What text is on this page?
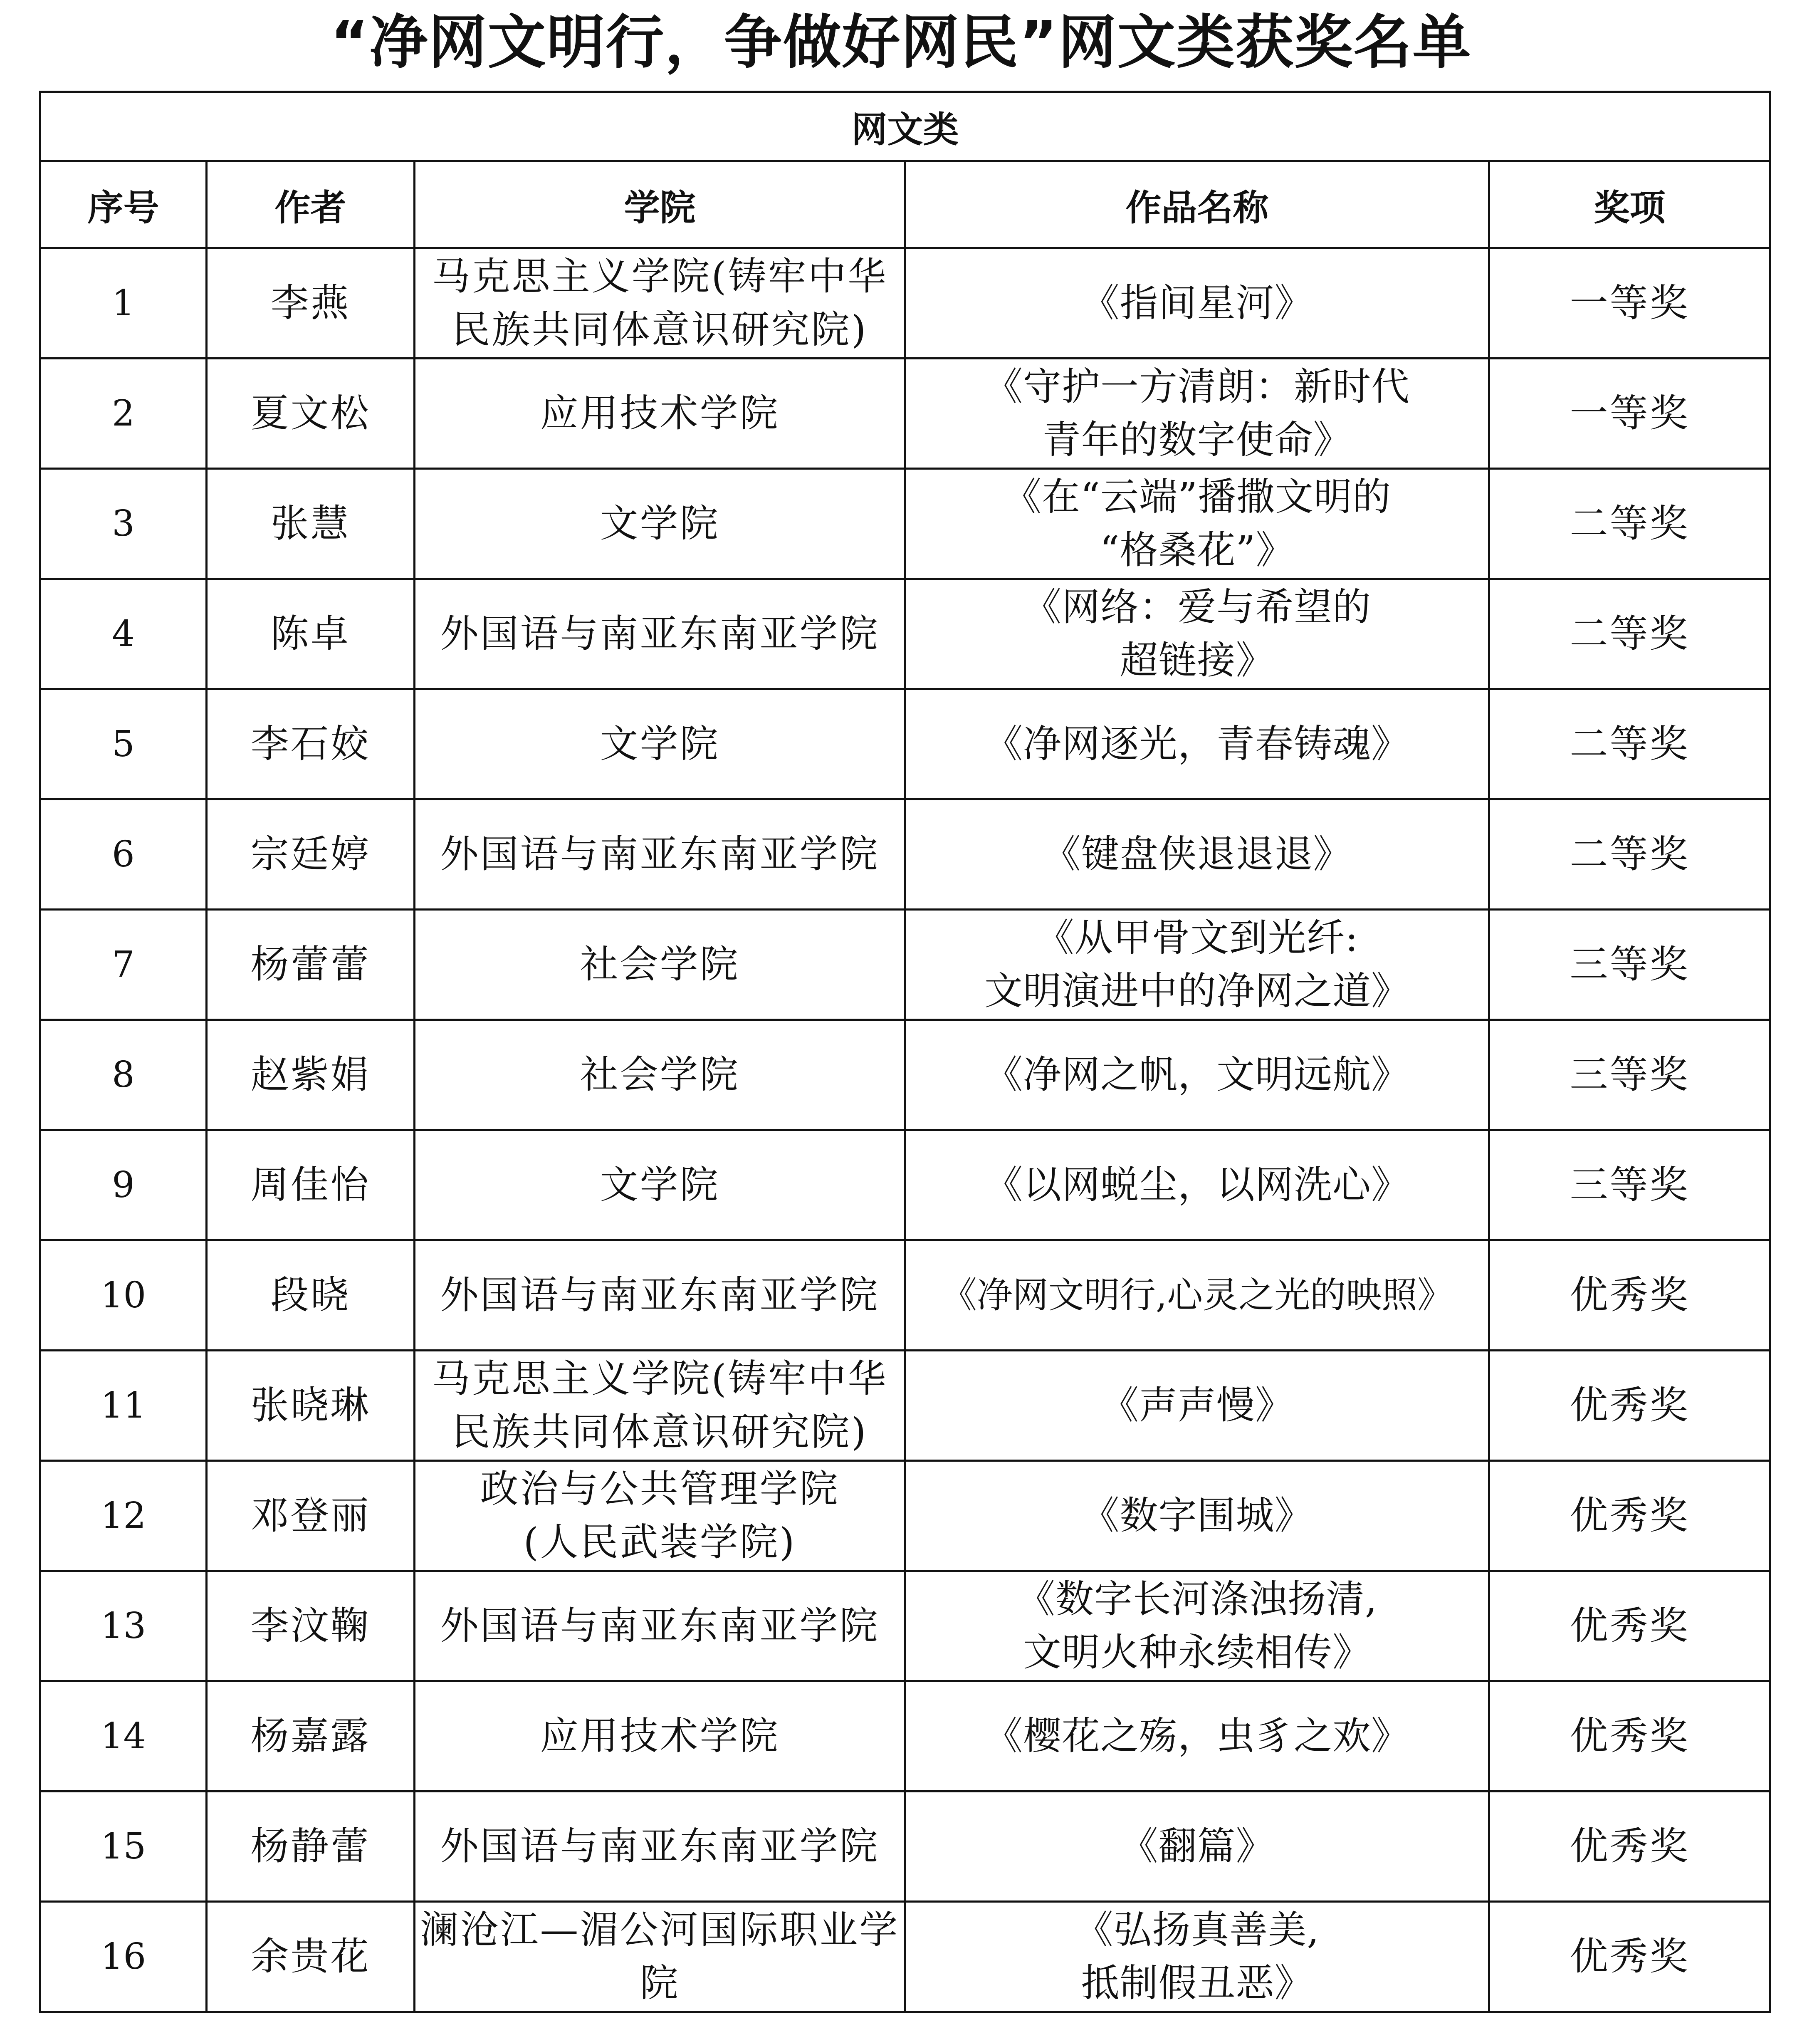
“净网文明行，争做好网民”网文类获奖名单
网文类				
序号	作者	学院	作品名称	奖项
1	李燕	马克思主义学院(铸牢中华
民族共同体意识研究院)	《指间星河》	一等奖
2	夏文松	应用技术学院	《守护一方清朗：新时代
青年的数字使命》	一等奖
3	张慧	文学院	《在“云端”播撒文明的
“格桑花”》	二等奖
4	陈卓	外国语与南亚东南亚学院	《网络：爱与希望的
超链接》	二等奖
5	李石姣	文学院	《净网逐光，青春铸魂》	二等奖
6	宗廷婷	外国语与南亚东南亚学院	《键盘侠退退退》	二等奖
7	杨蕾蕾	社会学院	《从甲骨文到光纤:
文明演进中的净网之道》	三等奖
8	赵紫娟	社会学院	《净网之帆，文明远航》	三等奖
9	周佳怡	文学院	《以网蜕尘，以网洗心》	三等奖
10	段晓	外国语与南亚东南亚学院	《净网文明行,心灵之光的映照》	优秀奖
11	张晓琳	马克思主义学院(铸牢中华
民族共同体意识研究院)	《声声慢》	优秀奖
12	邓登丽	政治与公共管理学院
(人民武装学院)	《数字围城》	优秀奖
13	李汶鞠	外国语与南亚东南亚学院	《数字长河涤浊扬清,
文明火种永续相传》	优秀奖
14	杨嘉露	应用技术学院	《樱花之殇，虫豸之欢》	优秀奖
15	杨静蕾	外国语与南亚东南亚学院	《翻篇》	优秀奖
16	余贵花	澜沧江—湄公河国际职业学
院	《弘扬真善美,
抵制假丑恶》	优秀奖
